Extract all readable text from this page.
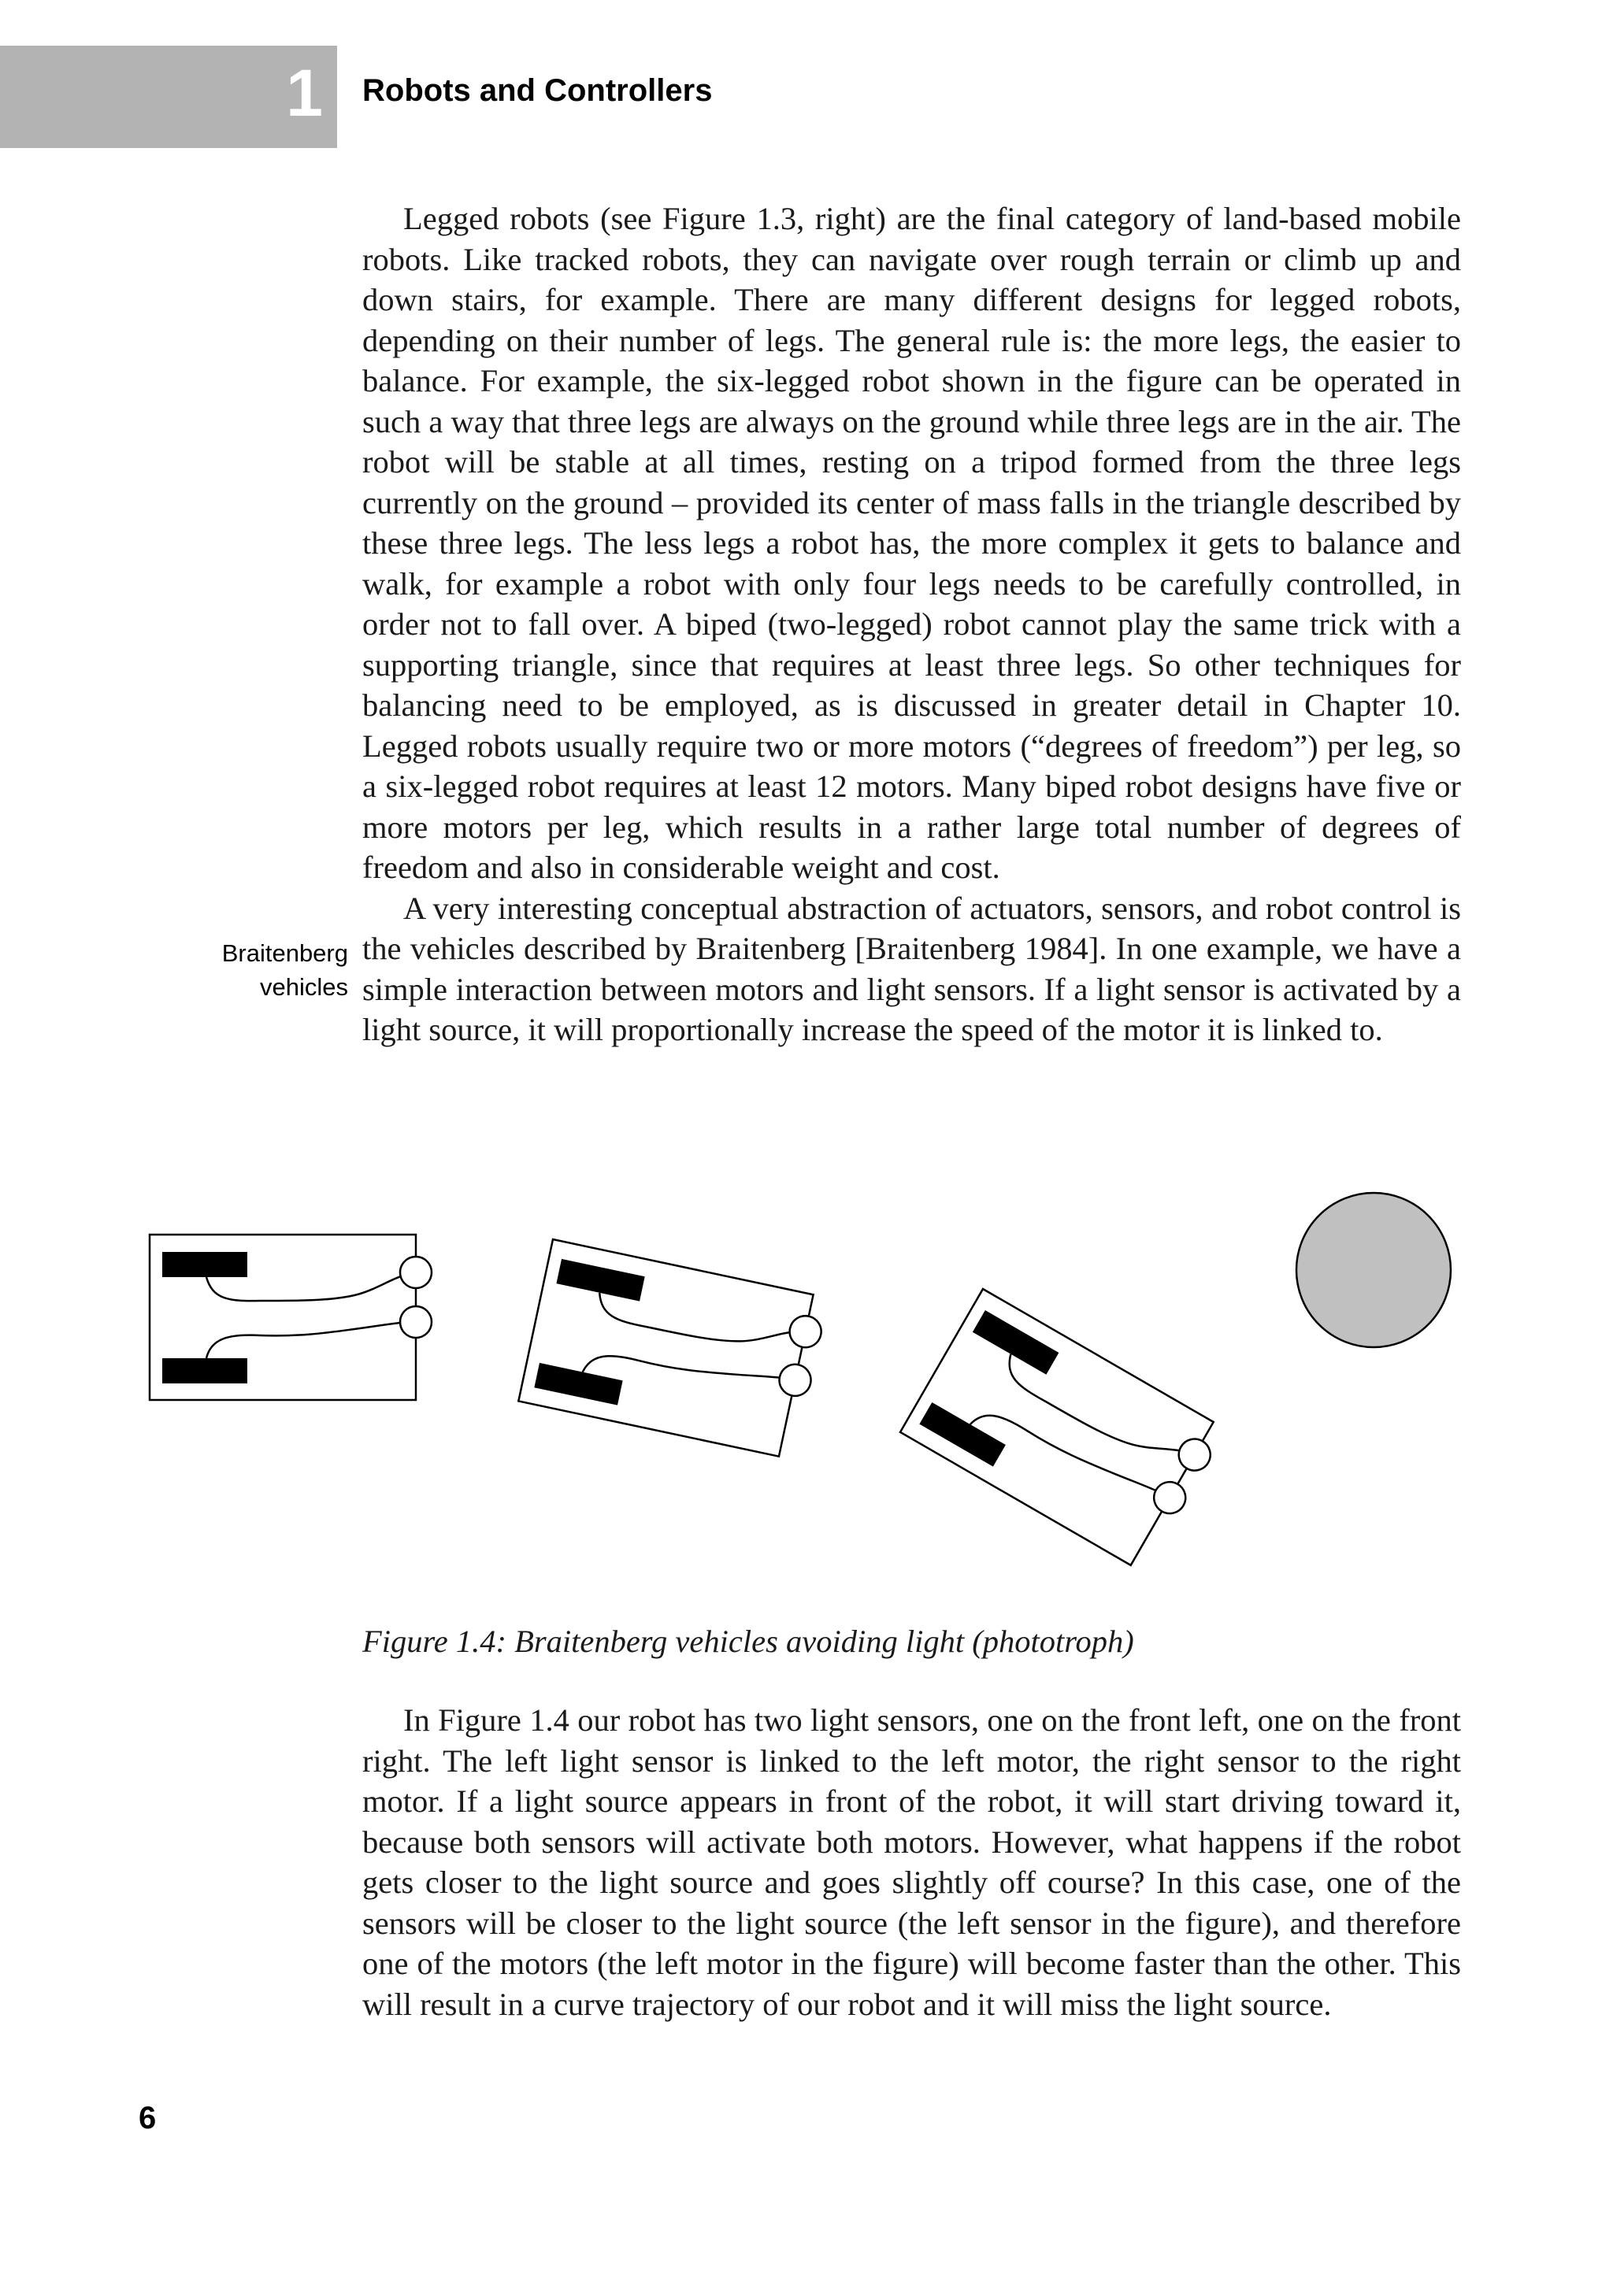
1 Robots and Controllers

Legged robots (see Figure 1.3, right) are the final category of land-based mobile robots. Like tracked robots, they can navigate over rough terrain or climb up and down stairs, for example. There are many different designs for legged robots, depending on their number of legs. The general rule is: the more legs, the easier to balance. For example, the six-legged robot shown in the figure can be operated in such a way that three legs are always on the ground while three legs are in the air. The robot will be stable at all times, resting on a tripod formed from the three legs currently on the ground – provided its center of mass falls in the triangle described by these three legs. The less legs a robot has, the more complex it gets to balance and walk, for example a robot with only four legs needs to be carefully controlled, in order not to fall over. A biped (two-legged) robot cannot play the same trick with a supporting triangle, since that requires at least three legs. So other techniques for balancing need to be employed, as is discussed in greater detail in Chapter 10. Legged robots usually require two or more motors (“degrees of freedom”) per leg, so a six-legged robot requires at least 12 motors. Many biped robot designs have five or more motors per leg, which results in a rather large total number of degrees of freedom and also in considerable weight and cost.

A very interesting conceptual abstraction of actuators, sensors, and robot control is the vehicles described by Braitenberg [Braitenberg 1984]. In one example, we have a simple interaction between motors and light sensors. If a light sensor is activated by a light source, it will proportionally increase the speed of the motor it is linked to.

Braitenberg
vehicles
Figure 1.4: Braitenberg vehicles avoiding light (phototroph)

In Figure 1.4 our robot has two light sensors, one on the front left, one on the front right. The left light sensor is linked to the left motor, the right sensor to the right motor. If a light source appears in front of the robot, it will start driving toward it, because both sensors will activate both motors. However, what happens if the robot gets closer to the light source and goes slightly off course? In this case, one of the sensors will be closer to the light source (the left sensor in the figure), and therefore one of the motors (the left motor in the figure) will become faster than the other. This will result in a curve trajectory of our robot and it will miss the light source.

6
